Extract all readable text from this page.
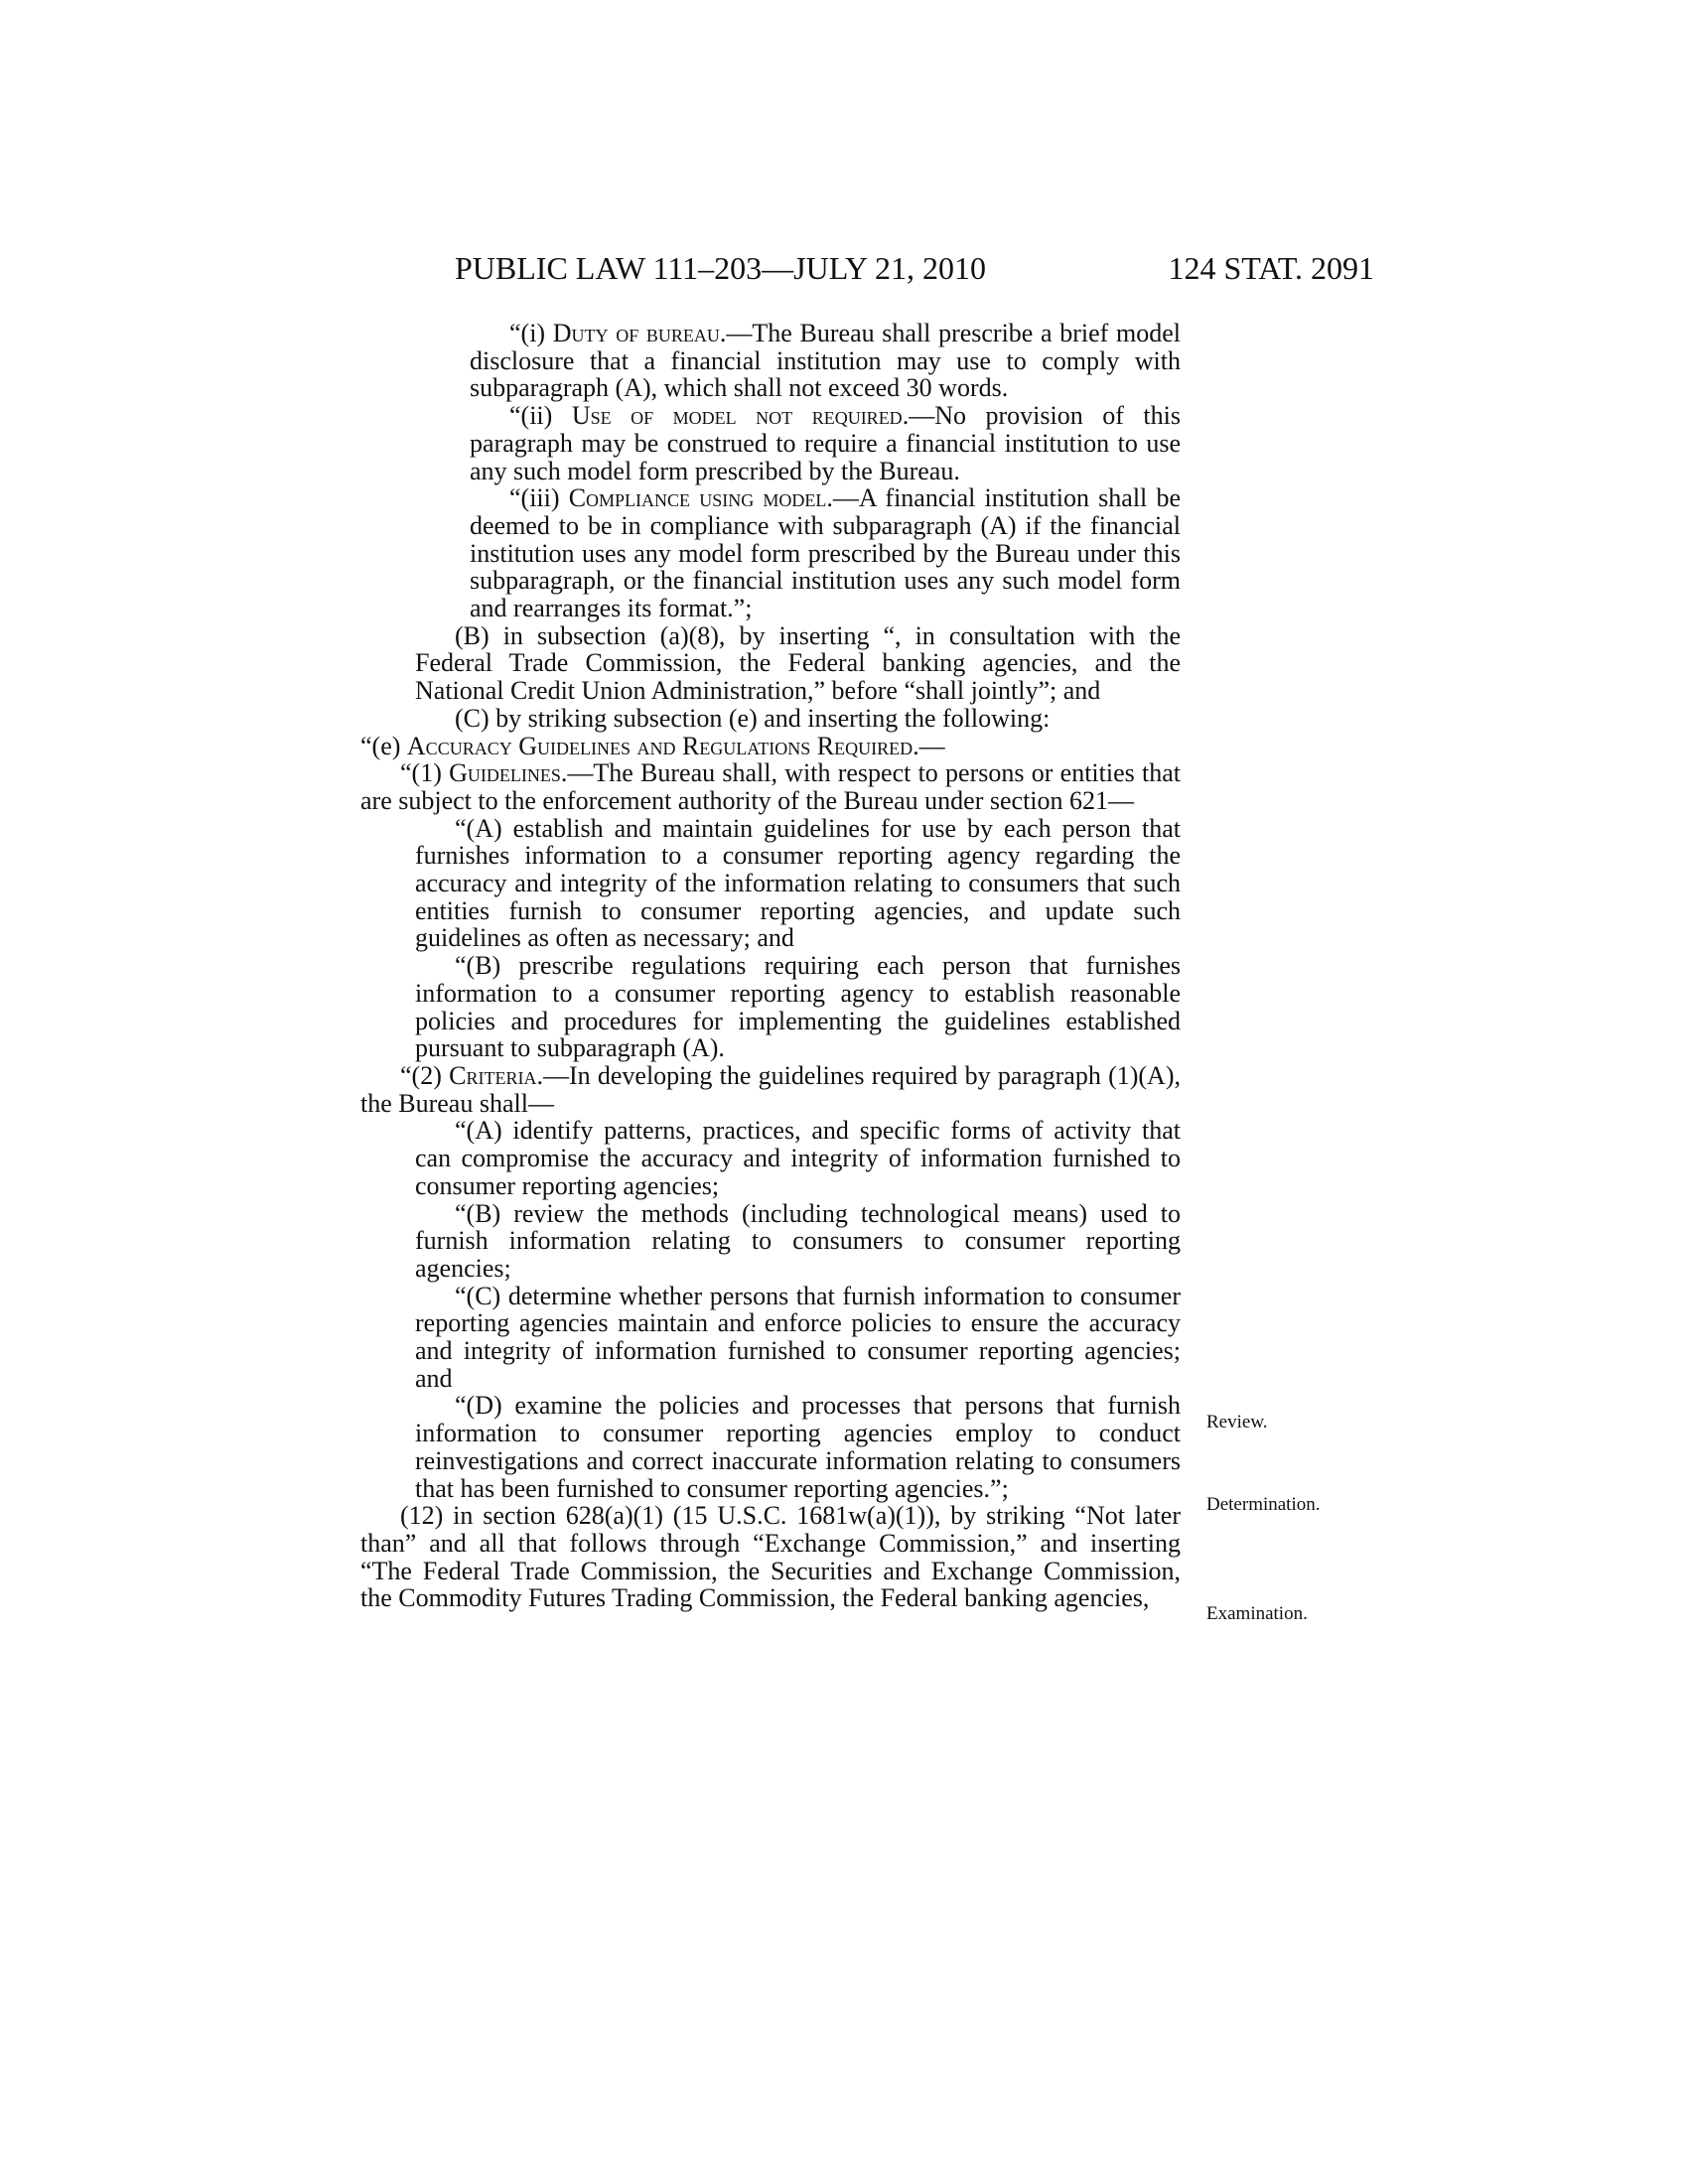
PUBLIC LAW 111–203—JULY 21, 2010	124 STAT. 2091

“(i) Duty of bureau.—The Bureau shall prescribe a brief model disclosure that a financial institution may use to comply with subparagraph (A), which shall not exceed 30 words.

“(ii) Use of model not required.—No provision of this paragraph may be construed to require a financial institution to use any such model form prescribed by the Bureau.

“(iii) Compliance using model.—A financial institution shall be deemed to be in compliance with subparagraph (A) if the financial institution uses any model form prescribed by the Bureau under this subparagraph, or the financial institution uses any such model form and rearranges its format.”;

(B) in subsection (a)(8), by inserting “, in consultation with the Federal Trade Commission, the Federal banking agencies, and the National Credit Union Administration,” before “shall jointly”; and

(C) by striking subsection (e) and inserting the following:

“(e) Accuracy Guidelines and Regulations Required.—

“(1) Guidelines.—The Bureau shall, with respect to persons or entities that are subject to the enforcement authority of the Bureau under section 621—

“(A) establish and maintain guidelines for use by each person that furnishes information to a consumer reporting agency regarding the accuracy and integrity of the information relating to consumers that such entities furnish to consumer reporting agencies, and update such guidelines as often as necessary; and

“(B) prescribe regulations requiring each person that furnishes information to a consumer reporting agency to establish reasonable policies and procedures for implementing the guidelines established pursuant to subparagraph (A).

“(2) Criteria.—In developing the guidelines required by paragraph (1)(A), the Bureau shall—

“(A) identify patterns, practices, and specific forms of activity that can compromise the accuracy and integrity of information furnished to consumer reporting agencies;

“(B) review the methods (including technological means) used to furnish information relating to consumers to consumer reporting agencies;

“(C) determine whether persons that furnish information to consumer reporting agencies maintain and enforce policies to ensure the accuracy and integrity of information furnished to consumer reporting agencies; and

“(D) examine the policies and processes that persons that furnish information to consumer reporting agencies employ to conduct reinvestigations and correct inaccurate information relating to consumers that has been furnished to consumer reporting agencies.”;

(12) in section 628(a)(1) (15 U.S.C. 1681w(a)(1)), by striking “Not later than” and all that follows through “Exchange Commission,” and inserting “The Federal Trade Commission, the Securities and Exchange Commission, the Commodity Futures Trading Commission, the Federal banking agencies,

Review.
Determination.
Examination.
